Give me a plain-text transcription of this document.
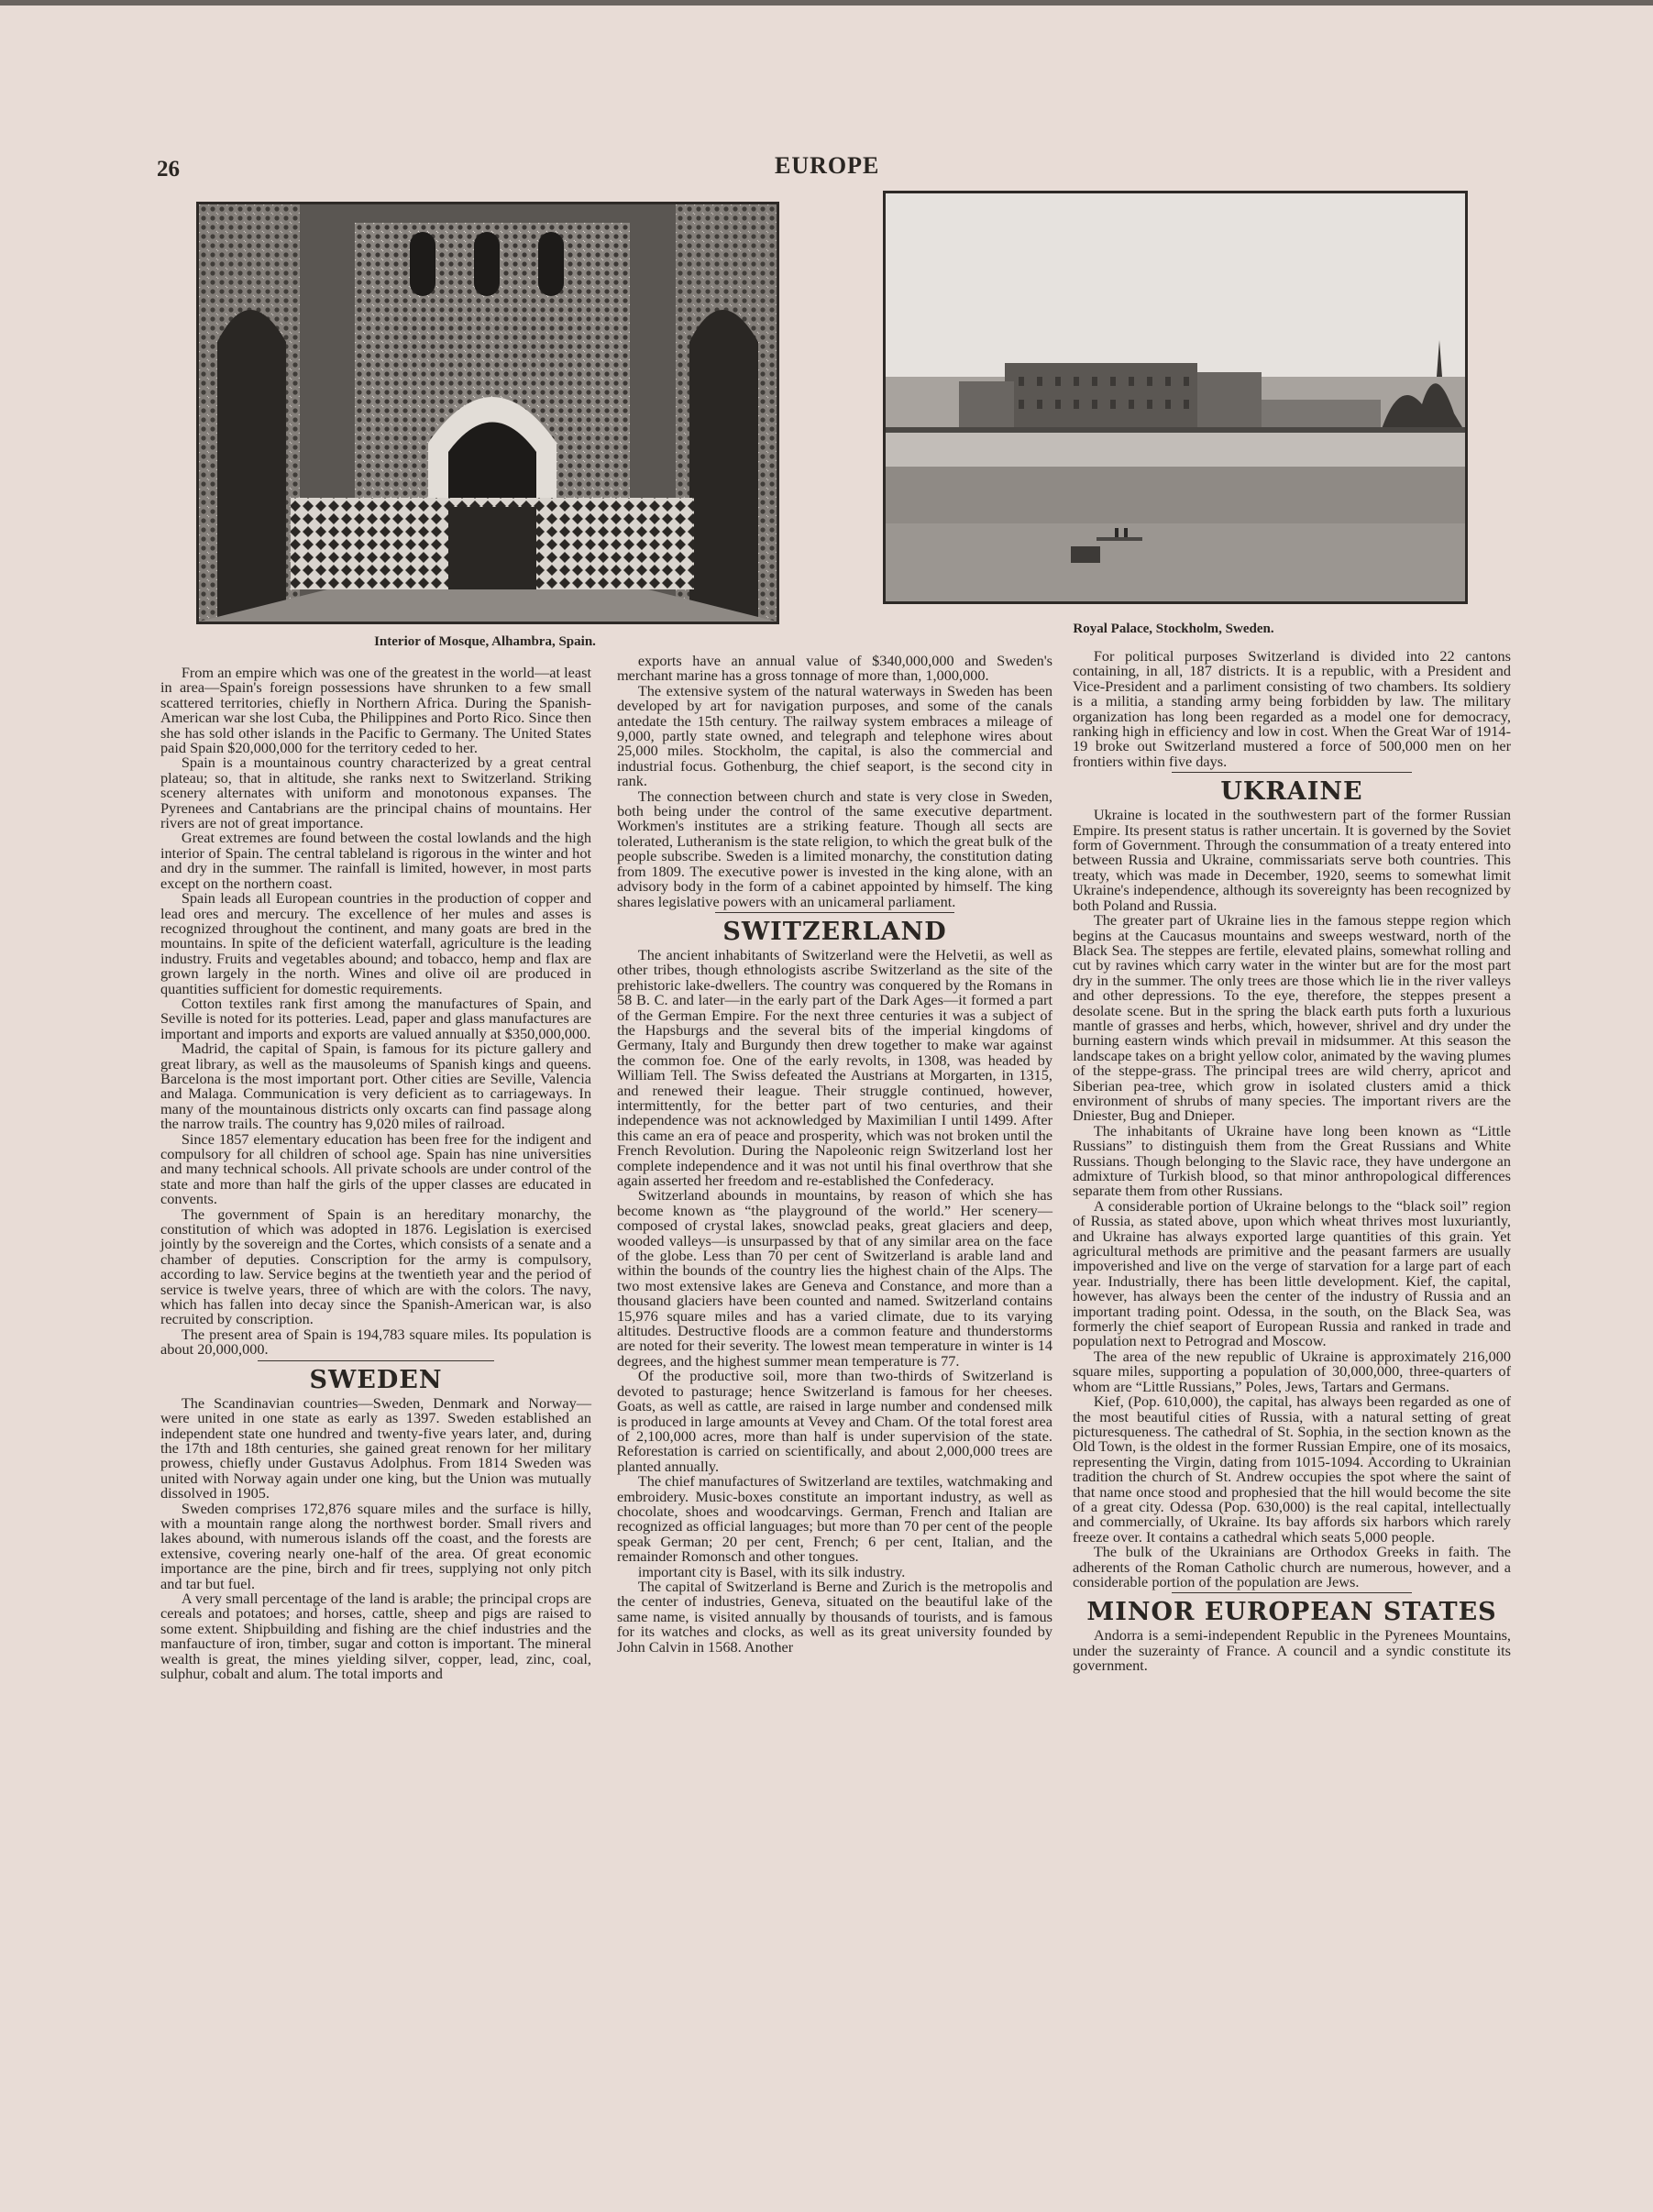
26	EUROPE
Interior of Mosque, Alhambra, Spain.
Royal Palace, Stockholm, Sweden.

From an empire which was one of the greatest in the world—at least in area—Spain's foreign possessions have shrunken to a few small scattered territories, chiefly in Northern Africa. During the Spanish-American war she lost Cuba, the Philippines and Porto Rico. Since then she has sold other islands in the Pacific to Germany. The United States paid Spain $20,000,000 for the territory ceded to her.

Spain is a mountainous country characterized by a great central plateau; so, that in altitude, she ranks next to Switzerland. Striking scenery alternates with uniform and monotonous expanses. The Pyrenees and Cantabrians are the principal chains of mountains. Her rivers are not of great importance.

Great extremes are found between the costal lowlands and the high interior of Spain. The central tableland is rigorous in the winter and hot and dry in the summer. The rainfall is limited, however, in most parts except on the northern coast.

Spain leads all European countries in the production of copper and lead ores and mercury. The excellence of her mules and asses is recognized throughout the continent, and many goats are bred in the mountains. In spite of the deficient waterfall, agriculture is the leading industry. Fruits and vegetables abound; and tobacco, hemp and flax are grown largely in the north. Wines and olive oil are produced in quantities sufficient for domestic requirements.

Cotton textiles rank first among the manufactures of Spain, and Seville is noted for its potteries. Lead, paper and glass manufactures are important and imports and exports are valued annually at $350,000,000.

Madrid, the capital of Spain, is famous for its picture gallery and great library, as well as the mausoleums of Spanish kings and queens. Barcelona is the most important port. Other cities are Seville, Valencia and Malaga. Communication is very deficient as to carriageways. In many of the mountainous districts only oxcarts can find passage along the narrow trails. The country has 9,020 miles of railroad.

Since 1857 elementary education has been free for the indigent and compulsory for all children of school age. Spain has nine universities and many technical schools. All private schools are under control of the state and more than half the girls of the upper classes are educated in convents.

The government of Spain is an hereditary monarchy, the constitution of which was adopted in 1876. Legislation is exercised jointly by the sovereign and the Cortes, which consists of a senate and a chamber of deputies. Conscription for the army is compulsory, according to law. Service begins at the twentieth year and the period of service is twelve years, three of which are with the colors. The navy, which has fallen into decay since the Spanish-American war, is also recruited by conscription.

The present area of Spain is 194,783 square miles. Its population is about 20,000,000.

SWEDEN

The Scandinavian countries—Sweden, Denmark and Norway—were united in one state as early as 1397. Sweden established an independent state one hundred and twenty-five years later, and, during the 17th and 18th centuries, she gained great renown for her military prowess, chiefly under Gustavus Adolphus. From 1814 Sweden was united with Norway again under one king, but the Union was mutually dissolved in 1905.

Sweden comprises 172,876 square miles and the surface is hilly, with a mountain range along the northwest border. Small rivers and lakes abound, with numerous islands off the coast, and the forests are extensive, covering nearly one-half of the area. Of great economic importance are the pine, birch and fir trees, supplying not only pitch and tar but fuel.

A very small percentage of the land is arable; the principal crops are cereals and potatoes; and horses, cattle, sheep and pigs are raised to some extent. Shipbuilding and fishing are the chief industries and the manfaucture of iron, timber, sugar and cotton is important. The mineral wealth is great, the mines yielding silver, copper, lead, zinc, coal, sulphur, cobalt and alum. The total imports and

exports have an annual value of $340,000,000 and Sweden's merchant marine has a gross tonnage of more than, 1,000,000.

The extensive system of the natural waterways in Sweden has been developed by art for navigation purposes, and some of the canals antedate the 15th century. The railway system embraces a mileage of 9,000, partly state owned, and telegraph and telephone wires about 25,000 miles. Stockholm, the capital, is also the commercial and industrial focus. Gothenburg, the chief seaport, is the second city in rank.

The connection between church and state is very close in Sweden, both being under the control of the same executive department. Workmen's institutes are a striking feature. Though all sects are tolerated, Lutheranism is the state religion, to which the great bulk of the people subscribe. Sweden is a limited monarchy, the constitution dating from 1809. The executive power is invested in the king alone, with an advisory body in the form of a cabinet appointed by himself. The king shares legislative powers with an unicameral parliament.

SWITZERLAND

The ancient inhabitants of Switzerland were the Helvetii, as well as other tribes, though ethnologists ascribe Switzerland as the site of the prehistoric lake-dwellers. The country was conquered by the Romans in 58 B. C. and later—in the early part of the Dark Ages—it formed a part of the German Empire. For the next three centuries it was a subject of the Hapsburgs and the several bits of the imperial kingdoms of Germany, Italy and Burgundy then drew together to make war against the common foe. One of the early revolts, in 1308, was headed by William Tell. The Swiss defeated the Austrians at Morgarten, in 1315, and renewed their league. Their struggle continued, however, intermittently, for the better part of two centuries, and their independence was not acknowledged by Maximilian I until 1499. After this came an era of peace and prosperity, which was not broken until the French Revolution. During the Napoleonic reign Switzerland lost her complete independence and it was not until his final overthrow that she again asserted her freedom and re-established the Confederacy.

Switzerland abounds in mountains, by reason of which she has become known as “the playground of the world.” Her scenery—composed of crystal lakes, snowclad peaks, great glaciers and deep, wooded valleys—is unsurpassed by that of any similar area on the face of the globe. Less than 70 per cent of Switzerland is arable land and within the bounds of the country lies the highest chain of the Alps. The two most extensive lakes are Geneva and Constance, and more than a thousand glaciers have been counted and named. Switzerland contains 15,976 square miles and has a varied climate, due to its varying altitudes. Destructive floods are a common feature and thunderstorms are noted for their severity. The lowest mean temperature in winter is 14 degrees, and the highest summer mean temperature is 77.

Of the productive soil, more than two-thirds of Switzerland is devoted to pasturage; hence Switzerland is famous for her cheeses. Goats, as well as cattle, are raised in large number and condensed milk is produced in large amounts at Vevey and Cham. Of the total forest area of 2,100,000 acres, more than half is under supervision of the state. Reforestation is carried on scientifically, and about 2,000,000 trees are planted annually.

The chief manufactures of Switzerland are textiles, watchmaking and embroidery. Music-boxes constitute an important industry, as well as chocolate, shoes and woodcarvings. German, French and Italian are recognized as official languages; but more than 70 per cent of the people speak German; 20 per cent, French; 6 per cent, Italian, and the remainder Romonsch and other tongues.

important city is Basel, with its silk industry.

The capital of Switzerland is Berne and Zurich is the metropolis and the center of industries, Geneva, situated on the beautiful lake of the same name, is visited annually by thousands of tourists, and is famous for its watches and clocks, as well as its great university founded by John Calvin in 1568. Another

For political purposes Switzerland is divided into 22 cantons containing, in all, 187 districts. It is a republic, with a President and Vice-President and a parliment consisting of two chambers. Its soldiery is a militia, a standing army being forbidden by law. The military organization has long been regarded as a model one for democracy, ranking high in efficiency and low in cost. When the Great War of 1914-19 broke out Switzerland mustered a force of 500,000 men on her frontiers within five days.

UKRAINE

Ukraine is located in the southwestern part of the former Russian Empire. Its present status is rather uncertain. It is governed by the Soviet form of Government. Through the consummation of a treaty entered into between Russia and Ukraine, commissariats serve both countries. This treaty, which was made in December, 1920, seems to somewhat limit Ukraine's independence, although its sovereignty has been recognized by both Poland and Russia.

The greater part of Ukraine lies in the famous steppe region which begins at the Caucasus mountains and sweeps westward, north of the Black Sea. The steppes are fertile, elevated plains, somewhat rolling and cut by ravines which carry water in the winter but are for the most part dry in the summer. The only trees are those which lie in the river valleys and other depressions. To the eye, therefore, the steppes present a desolate scene. But in the spring the black earth puts forth a luxurious mantle of grasses and herbs, which, however, shrivel and dry under the burning eastern winds which prevail in midsummer. At this season the landscape takes on a bright yellow color, animated by the waving plumes of the steppe-grass. The principal trees are wild cherry, apricot and Siberian pea-tree, which grow in isolated clusters amid a thick environment of shrubs of many species. The important rivers are the Dniester, Bug and Dnieper.

The inhabitants of Ukraine have long been known as “Little Russians” to distinguish them from the Great Russians and White Russians. Though belonging to the Slavic race, they have undergone an admixture of Turkish blood, so that minor anthropological differences separate them from other Russians.

A considerable portion of Ukraine belongs to the “black soil” region of Russia, as stated above, upon which wheat thrives most luxuriantly, and Ukraine has always exported large quantities of this grain. Yet agricultural methods are primitive and the peasant farmers are usually impoverished and live on the verge of starvation for a large part of each year. Industrially, there has been little development. Kief, the capital, however, has always been the center of the industry of Russia and an important trading point. Odessa, in the south, on the Black Sea, was formerly the chief seaport of European Russia and ranked in trade and population next to Petrograd and Moscow.

The area of the new republic of Ukraine is approximately 216,000 square miles, supporting a population of 30,000,000, three-quarters of whom are “Little Russians,” Poles, Jews, Tartars and Germans.

Kief, (Pop. 610,000), the capital, has always been regarded as one of the most beautiful cities of Russia, with a natural setting of great picturesqueness. The cathedral of St. Sophia, in the section known as the Old Town, is the oldest in the former Russian Empire, one of its mosaics, representing the Virgin, dating from 1015-1094. According to Ukrainian tradition the church of St. Andrew occupies the spot where the saint of that name once stood and prophesied that the hill would become the site of a great city. Odessa (Pop. 630,000) is the real capital, intellectually and commercially, of Ukraine. Its bay affords six harbors which rarely freeze over. It contains a cathedral which seats 5,000 people.

The bulk of the Ukrainians are Orthodox Greeks in faith. The adherents of the Roman Catholic church are numerous, however, and a considerable portion of the population are Jews.

MINOR EUROPEAN STATES

Andorra is a semi-independent Republic in the Pyrenees Mountains, under the suzerainty of France. A council and a syndic constitute its government.
